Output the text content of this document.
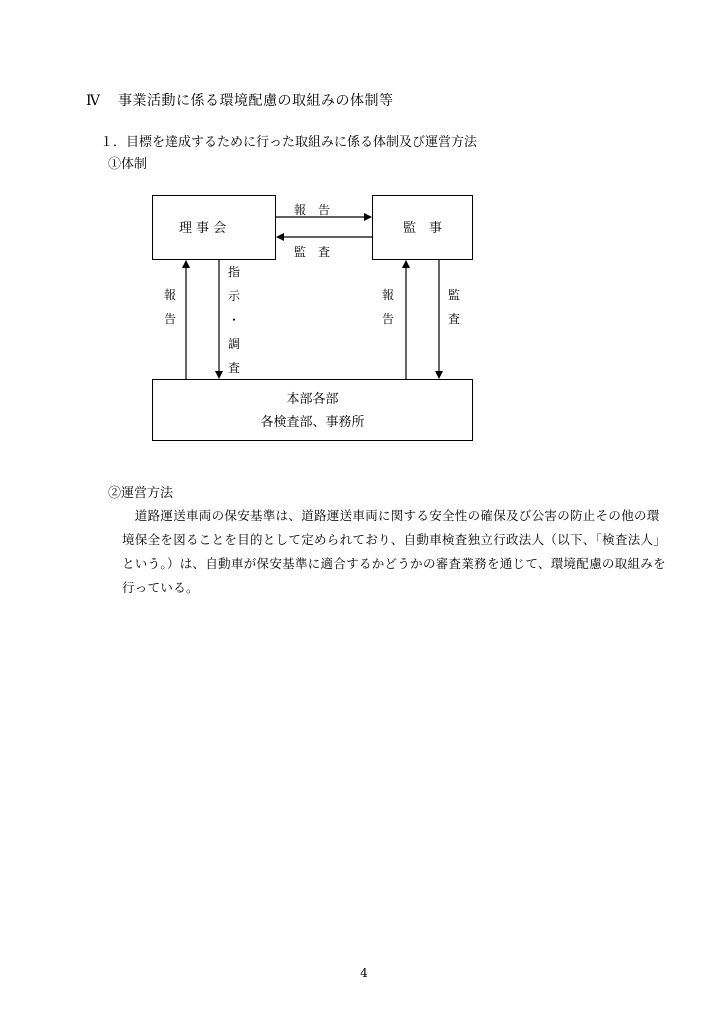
Ⅳ 事業活動に係る環境配慮の取組みの体制等
１． 目標を達成するために行った取組みに係る体制及び運営方法
①体制
理 事 会	監　事
本部各部
各検査部、事務所
報　告
監　査
報
告
指
示
・
調
査
報
告
監
査
②運営方法
　道路運送車両の保安基準は、道路運送車両に関する安全性の確保及び公害の防止その他の環
境保全を図ることを目的として定められており、自動車検査独立行政法人（以下、「検査法人」
という。）は、自動車が保安基準に適合するかどうかの審査業務を通じて、環境配慮の取組みを
行っている。
4
